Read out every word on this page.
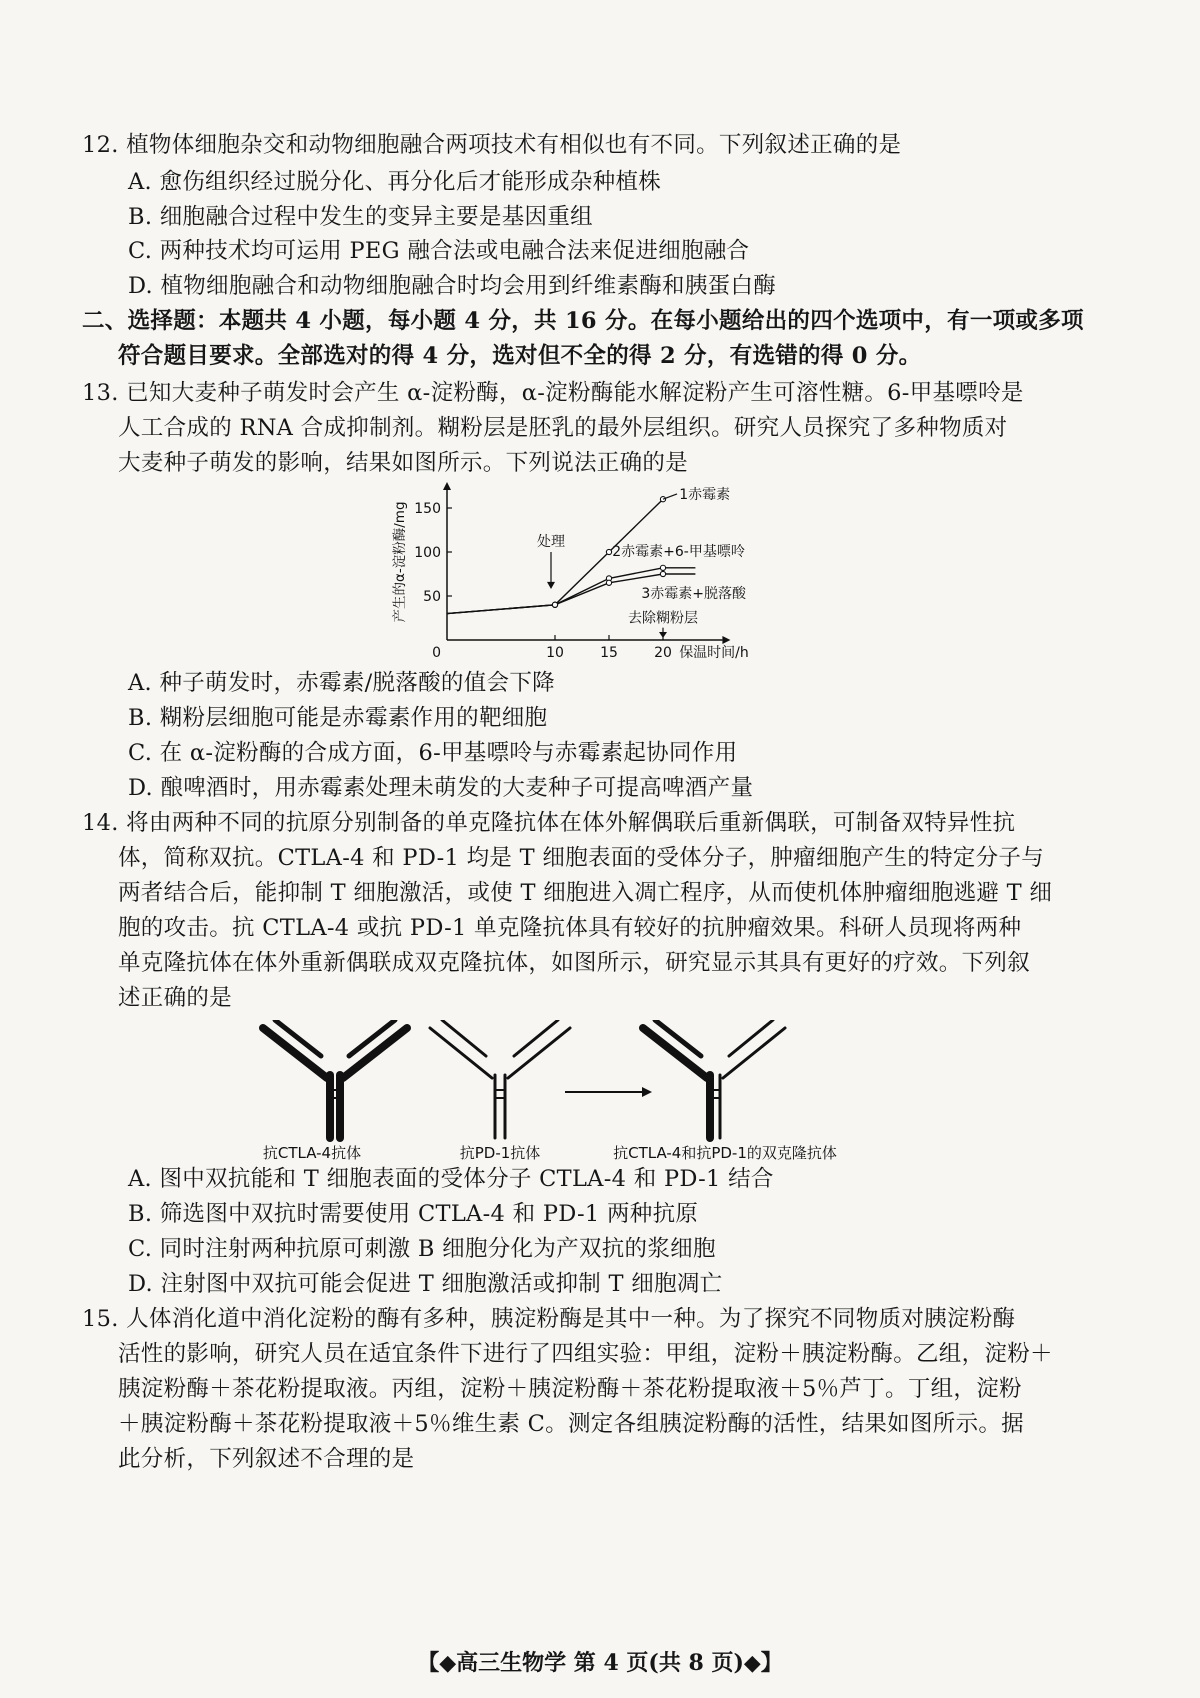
12. 植物体细胞杂交和动物细胞融合两项技术有相似也有不同。下列叙述正确的是
A. 愈伤组织经过脱分化、再分化后才能形成杂种植株
B. 细胞融合过程中发生的变异主要是基因重组
C. 两种技术均可运用 PEG 融合法或电融合法来促进细胞融合
D. 植物细胞融合和动物细胞融合时均会用到纤维素酶和胰蛋白酶
二、选择题：本题共 4 小题，每小题 4 分，共 16 分。在每小题给出的四个选项中，有一项或多项
符合题目要求。全部选对的得 4 分，选对但不全的得 2 分，有选错的得 0 分。
13. 已知大麦种子萌发时会产生 α-淀粉酶，α-淀粉酶能水解淀粉产生可溶性糖。6-甲基嘌呤是
人工合成的 RNA 合成抑制剂。糊粉层是胚乳的最外层组织。研究人员探究了多种物质对
大麦种子萌发的影响，结果如图所示。下列说法正确的是
10	15	20
50
100
150
0
产生的α-淀粉酶/mg
保温时间/h
1赤霉素
2赤霉素+6-甲基嘌呤
3赤霉素+脱落酸
处理
去除糊粉层
A. 种子萌发时，赤霉素/脱落酸的值会下降
B. 糊粉层细胞可能是赤霉素作用的靶细胞
C. 在 α-淀粉酶的合成方面，6-甲基嘌呤与赤霉素起协同作用
D. 酿啤酒时，用赤霉素处理未萌发的大麦种子可提高啤酒产量
14. 将由两种不同的抗原分别制备的单克隆抗体在体外解偶联后重新偶联，可制备双特异性抗
体，简称双抗。CTLA-4 和 PD-1 均是 T 细胞表面的受体分子，肿瘤细胞产生的特定分子与
两者结合后，能抑制 T 细胞激活，或使 T 细胞进入凋亡程序，从而使机体肿瘤细胞逃避 T 细
胞的攻击。抗 CTLA-4 或抗 PD-1 单克隆抗体具有较好的抗肿瘤效果。科研人员现将两种
单克隆抗体在体外重新偶联成双克隆抗体，如图所示，研究显示其具有更好的疗效。下列叙
述正确的是
抗CTLA-4抗体	抗PD-1抗体	抗CTLA-4和抗PD-1的双克隆抗体
A. 图中双抗能和 T 细胞表面的受体分子 CTLA-4 和 PD-1 结合
B. 筛选图中双抗时需要使用 CTLA-4 和 PD-1 两种抗原
C. 同时注射两种抗原可刺激 B 细胞分化为产双抗的浆细胞
D. 注射图中双抗可能会促进 T 细胞激活或抑制 T 细胞凋亡
15. 人体消化道中消化淀粉的酶有多种，胰淀粉酶是其中一种。为了探究不同物质对胰淀粉酶
活性的影响，研究人员在适宜条件下进行了四组实验：甲组，淀粉＋胰淀粉酶。乙组，淀粉＋
胰淀粉酶＋茶花粉提取液。丙组，淀粉＋胰淀粉酶＋茶花粉提取液＋5％芦丁。丁组，淀粉
＋胰淀粉酶＋茶花粉提取液＋5％维生素 C。测定各组胰淀粉酶的活性，结果如图所示。据
此分析，下列叙述不合理的是
【◆高三生物学 第 4 页(共 8 页)◆】
